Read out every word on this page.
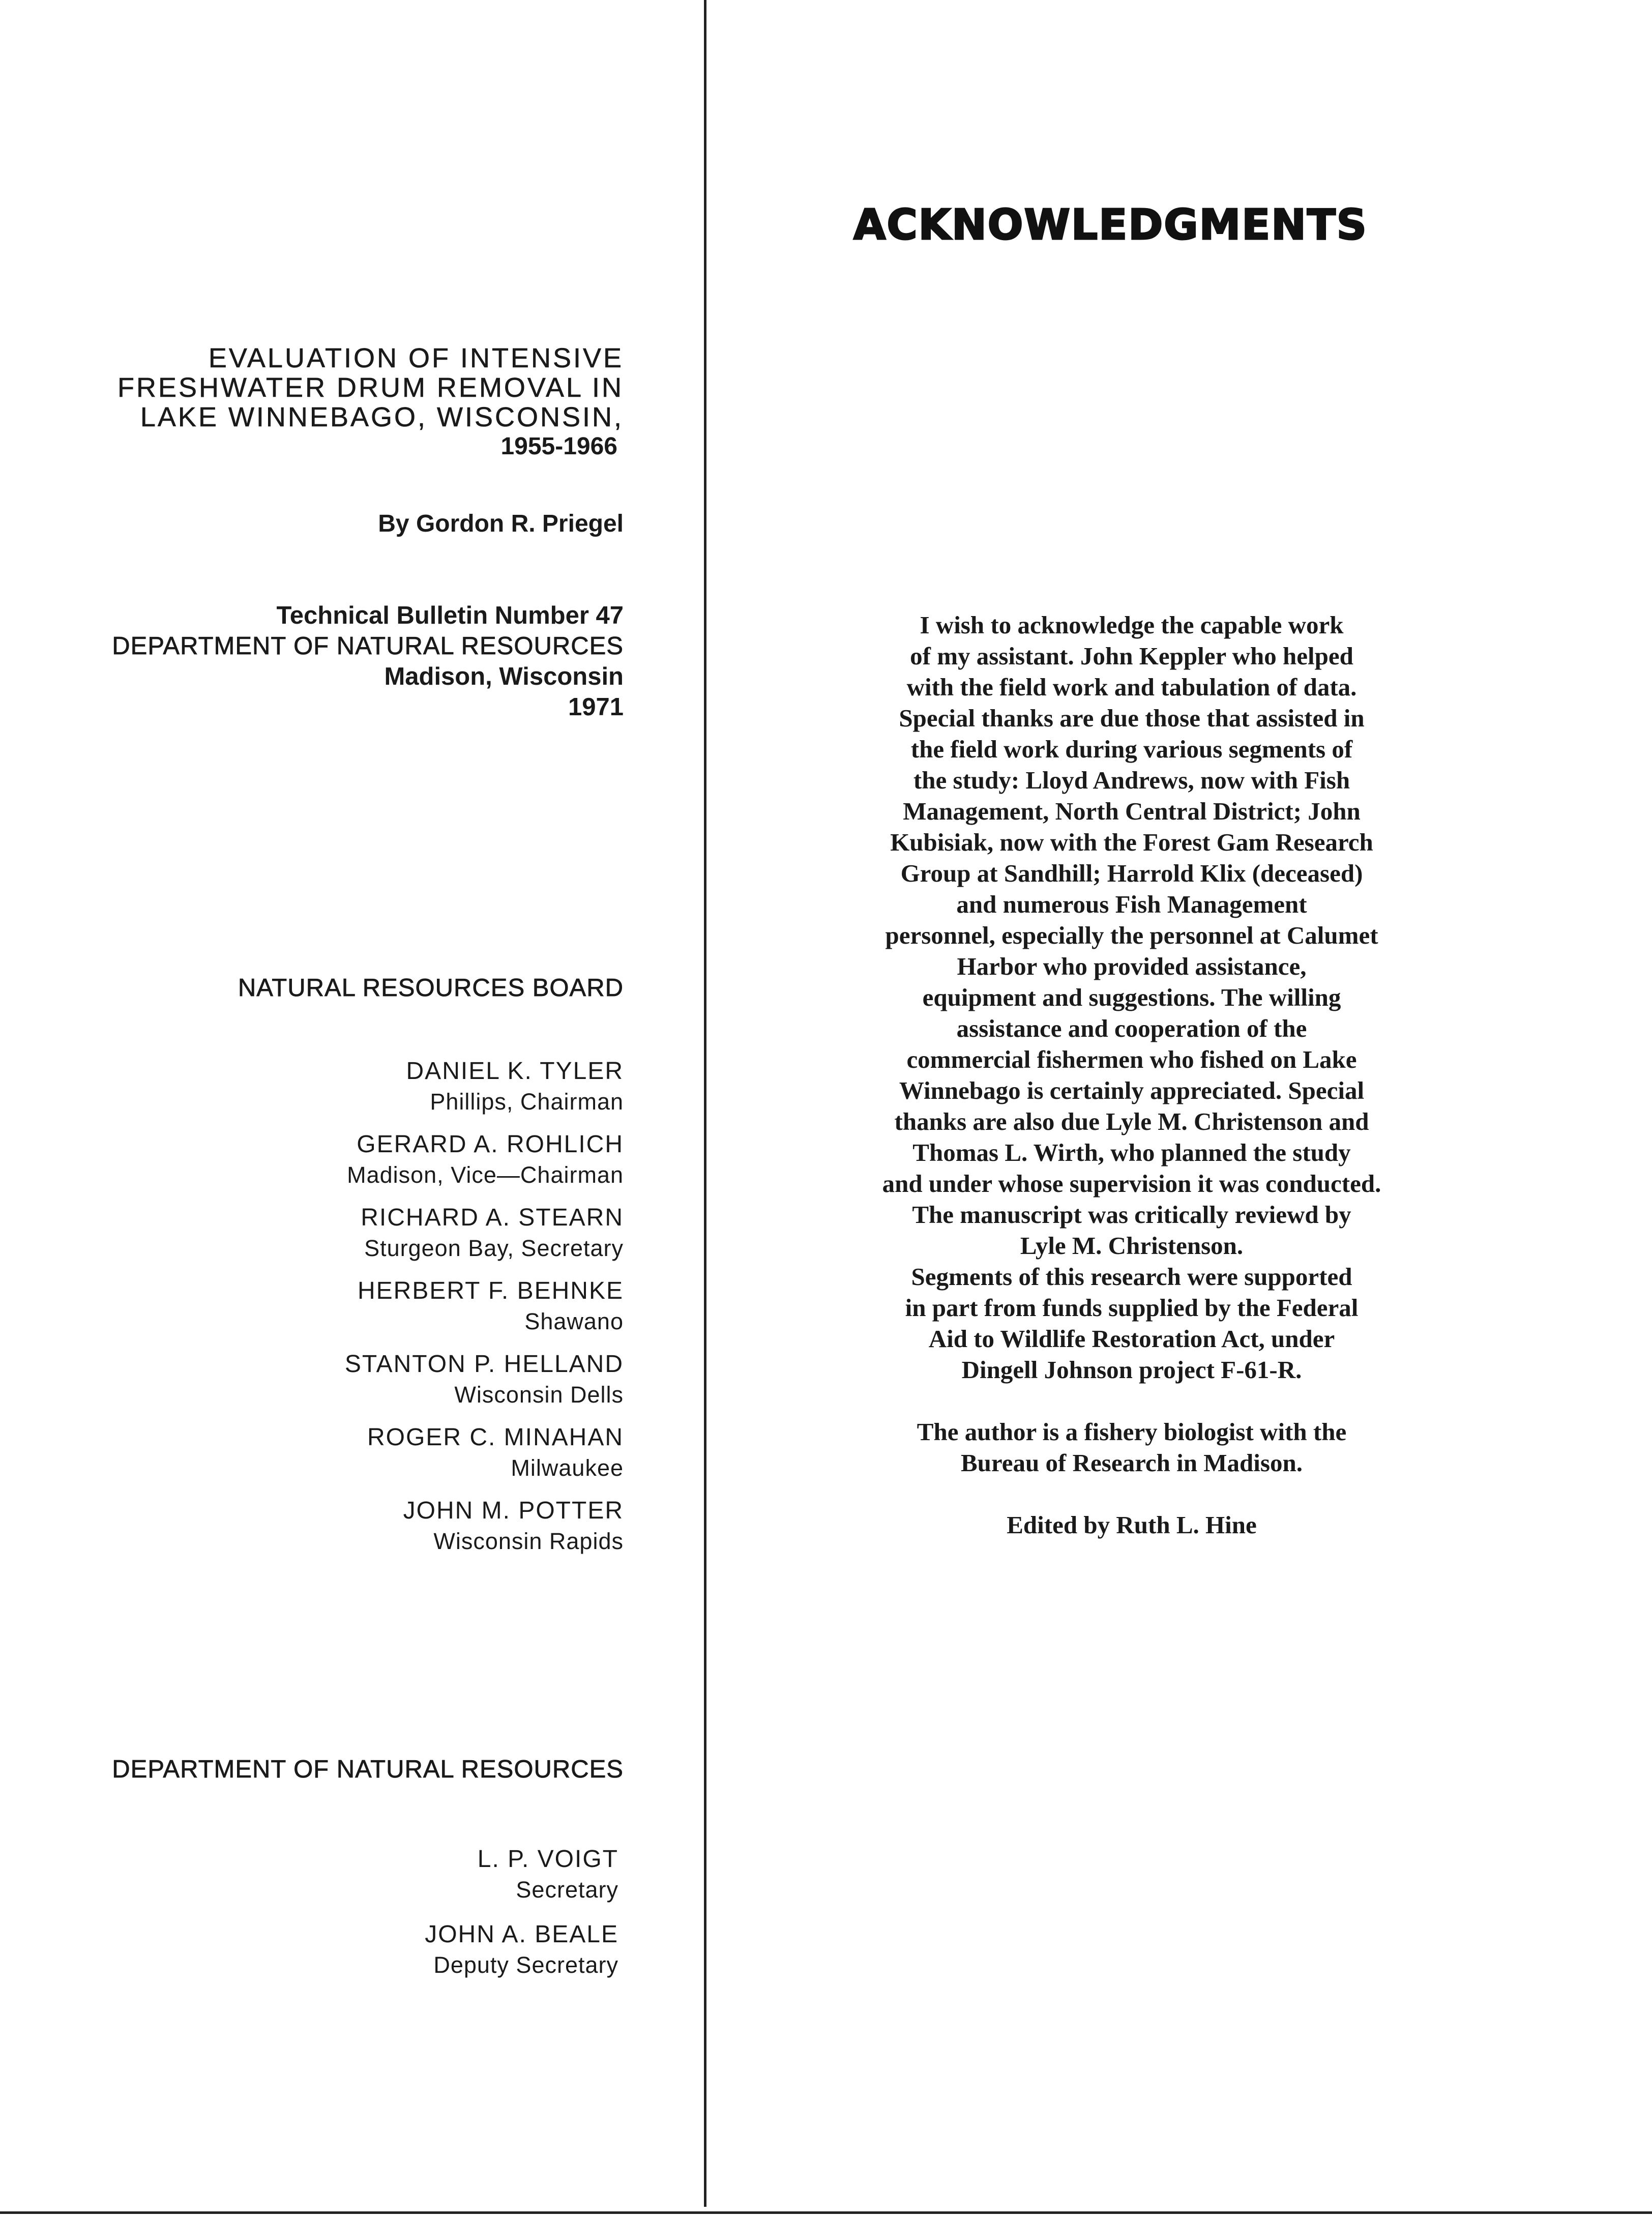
EVALUATION OF INTENSIVE
FRESHWATER DRUM REMOVAL IN
LAKE WINNEBAGO, WISCONSIN,
1955-1966
By Gordon R. Priegel
Technical Bulletin Number 47
DEPARTMENT OF NATURAL RESOURCES
Madison, Wisconsin
1971
NATURAL RESOURCES BOARD
DANIEL K. TYLER
Phillips, Chairman
GERARD A. ROHLICH
Madison, Vice—Chairman
RICHARD A. STEARN
Sturgeon Bay, Secretary
HERBERT F. BEHNKE
Shawano
STANTON P. HELLAND
Wisconsin Dells
ROGER C. MINAHAN
Milwaukee
JOHN M. POTTER
Wisconsin Rapids
DEPARTMENT OF NATURAL RESOURCES
L. P. VOIGT
Secretary
JOHN A. BEALE
Deputy Secretary
ACKNOWLEDGMENTS
I wish to acknowledge the capable work
of my assistant. John Keppler who helped
with the field work and tabulation of data.
Special thanks are due those that assisted in
the field work during various segments of
the study: Lloyd Andrews, now with Fish
Management, North Central District; John
Kubisiak, now with the Forest Gam Research
Group at Sandhill; Harrold Klix (deceased)
and numerous Fish Management
personnel, especially the personnel at Calumet
Harbor who provided assistance,
equipment and suggestions. The willing
assistance and cooperation of the
commercial fishermen who fished on Lake
Winnebago is certainly appreciated. Special
thanks are also due Lyle M. Christenson and
Thomas L. Wirth, who planned the study
and under whose supervision it was conducted.
The manuscript was critically reviewd by
Lyle M. Christenson.
Segments of this research were supported
in part from funds supplied by the Federal
Aid to Wildlife Restoration Act, under
Dingell Johnson project F-61-R.
The author is a fishery biologist with the
Bureau of Research in Madison.
Edited by Ruth L. Hine
